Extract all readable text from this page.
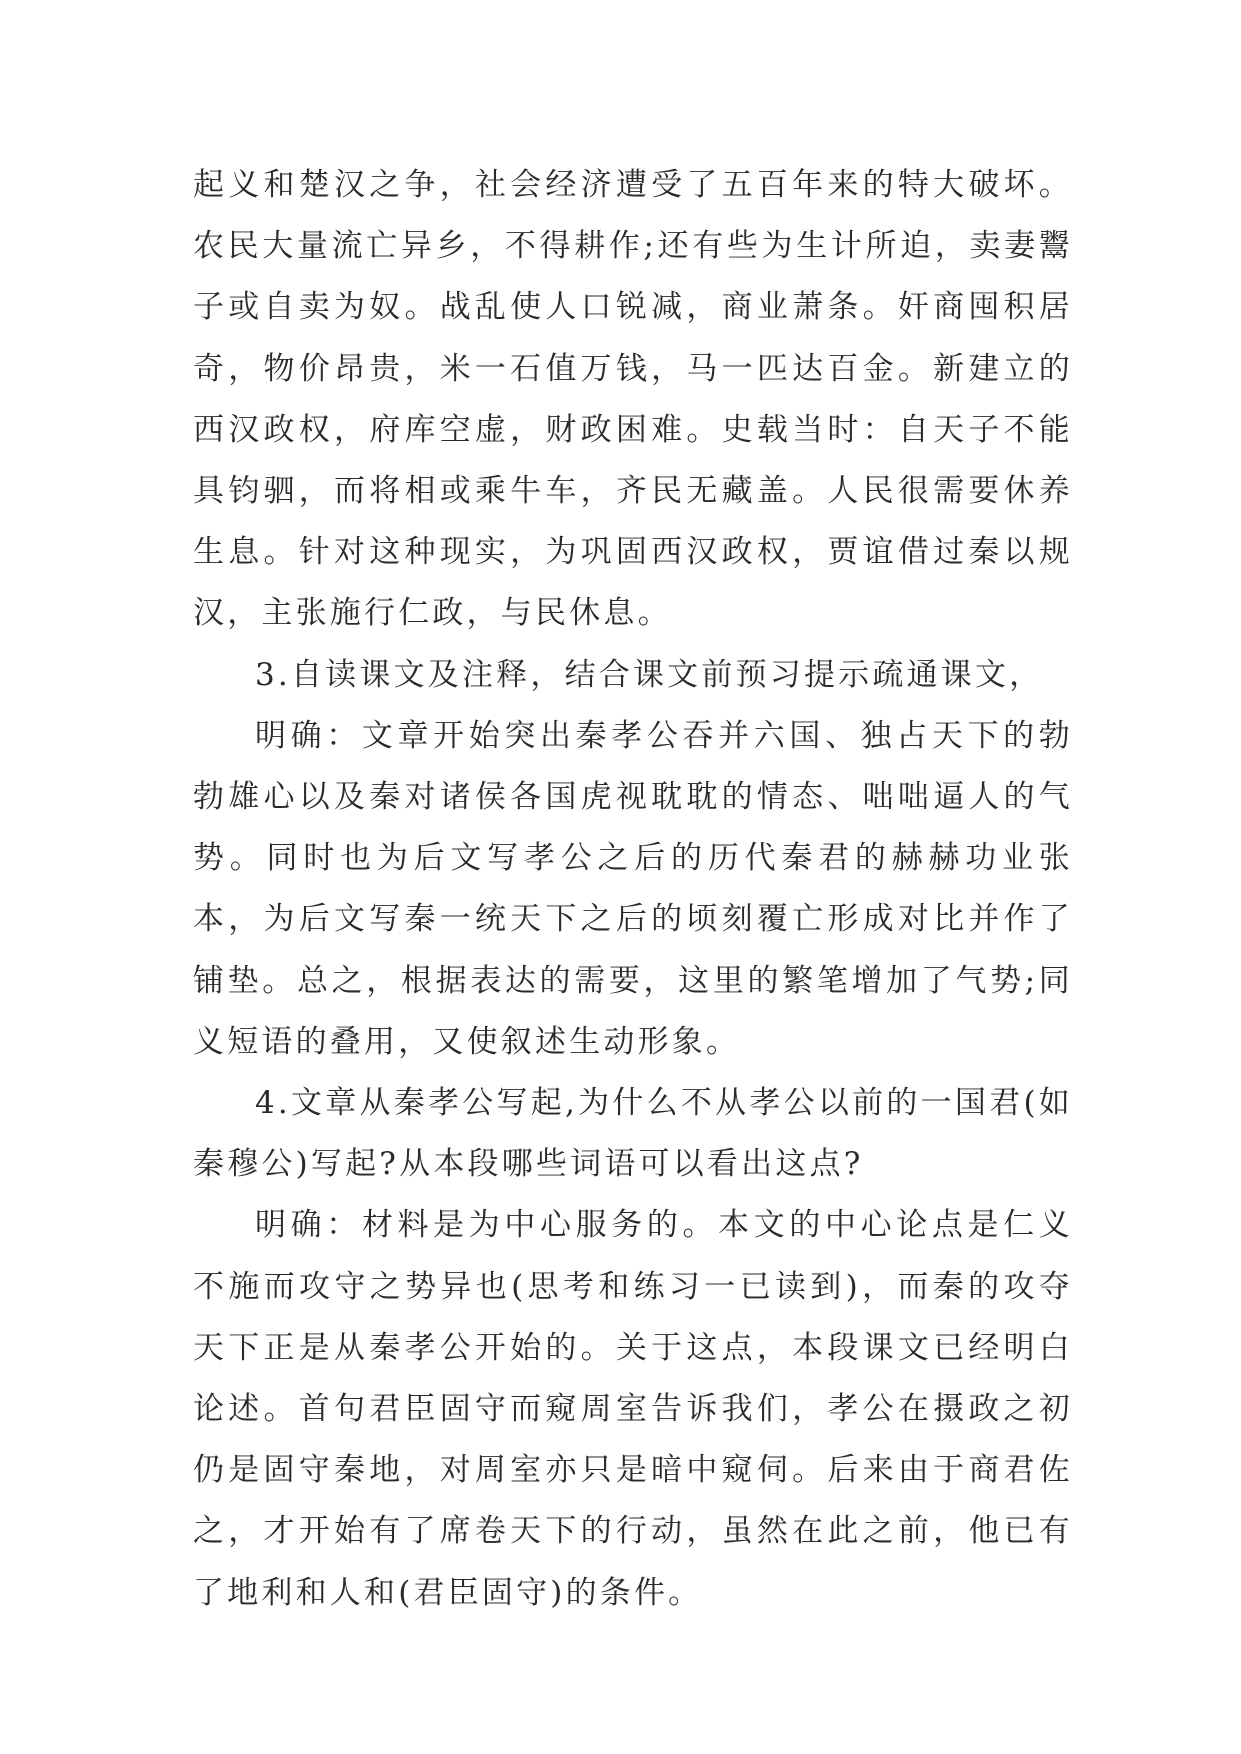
起义和楚汉之争，社会经济遭受了五百年来的特大破坏。农民大量流亡异乡，不得耕作;还有些为生计所迫，卖妻鬻子或自卖为奴。战乱使人口锐减，商业萧条。奸商囤积居奇，物价昂贵，米一石值万钱，马一匹达百金。新建立的西汉政权，府库空虚，财政困难。史载当时：自天子不能具钧驷，而将相或乘牛车，齐民无藏盖。人民很需要休养生息。针对这种现实，为巩固西汉政权，贾谊借过秦以规汉，主张施行仁政，与民休息。

3.自读课文及注释，结合课文前预习提示疏通课文，

明确：文章开始突出秦孝公吞并六国、独占天下的勃勃雄心以及秦对诸侯各国虎视耽耽的情态、咄咄逼人的气势。同时也为后文写孝公之后的历代秦君的赫赫功业张本，为后文写秦一统天下之后的顷刻覆亡形成对比并作了铺垫。总之，根据表达的需要，这里的繁笔增加了气势;同义短语的叠用，又使叙述生动形象。

4.文章从秦孝公写起,为什么不从孝公以前的一国君(如秦穆公)写起?从本段哪些词语可以看出这点?

明确：材料是为中心服务的。本文的中心论点是仁义不施而攻守之势异也(思考和练习一已读到)，而秦的攻夺天下正是从秦孝公开始的。关于这点，本段课文已经明白论述。首句君臣固守而窥周室告诉我们，孝公在摄政之初仍是固守秦地，对周室亦只是暗中窥伺。后来由于商君佐之，才开始有了席卷天下的行动，虽然在此之前，他已有了地利和人和(君臣固守)的条件。
